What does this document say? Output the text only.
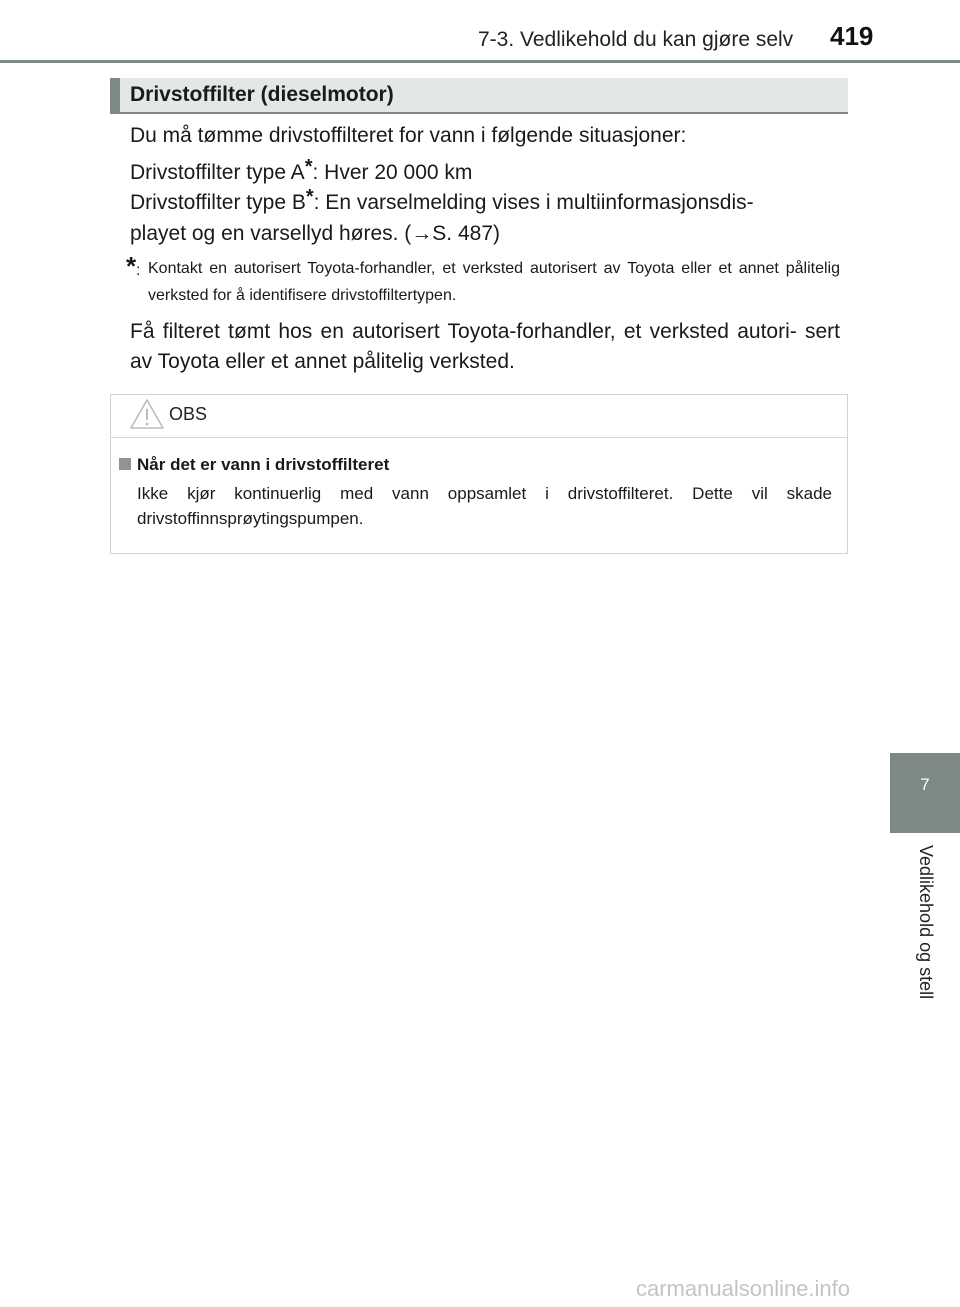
7-3. Vedlikehold du kan gjøre selv 419
Drivstoffilter (dieselmotor)
Du må tømme drivstoffilteret for vann i følgende situasjoner:
Drivstoffilter type A*: Hver 20 000 km
Drivstoffilter type B*: En varselmelding vises i multiinformasjonsdis-
playet og en varsellyd høres. (→S. 487)
* : Kontakt en autorisert Toyota-forhandler, et verksted autorisert av Toyota eller et annet pålitelig verksted for å identifisere drivstoffiltertypen.
Få filteret tømt hos en autorisert Toyota-forhandler, et verksted autori- sert av Toyota eller et annet pålitelig verksted.
OBS
Når det er vann i drivstoffilteret
Ikke kjør kontinuerlig med vann oppsamlet i drivstoffilteret. Dette vil skade drivstoffinnsprøytingspumpen.
7
Vedlikehold og stell
carmanualsonline.info
